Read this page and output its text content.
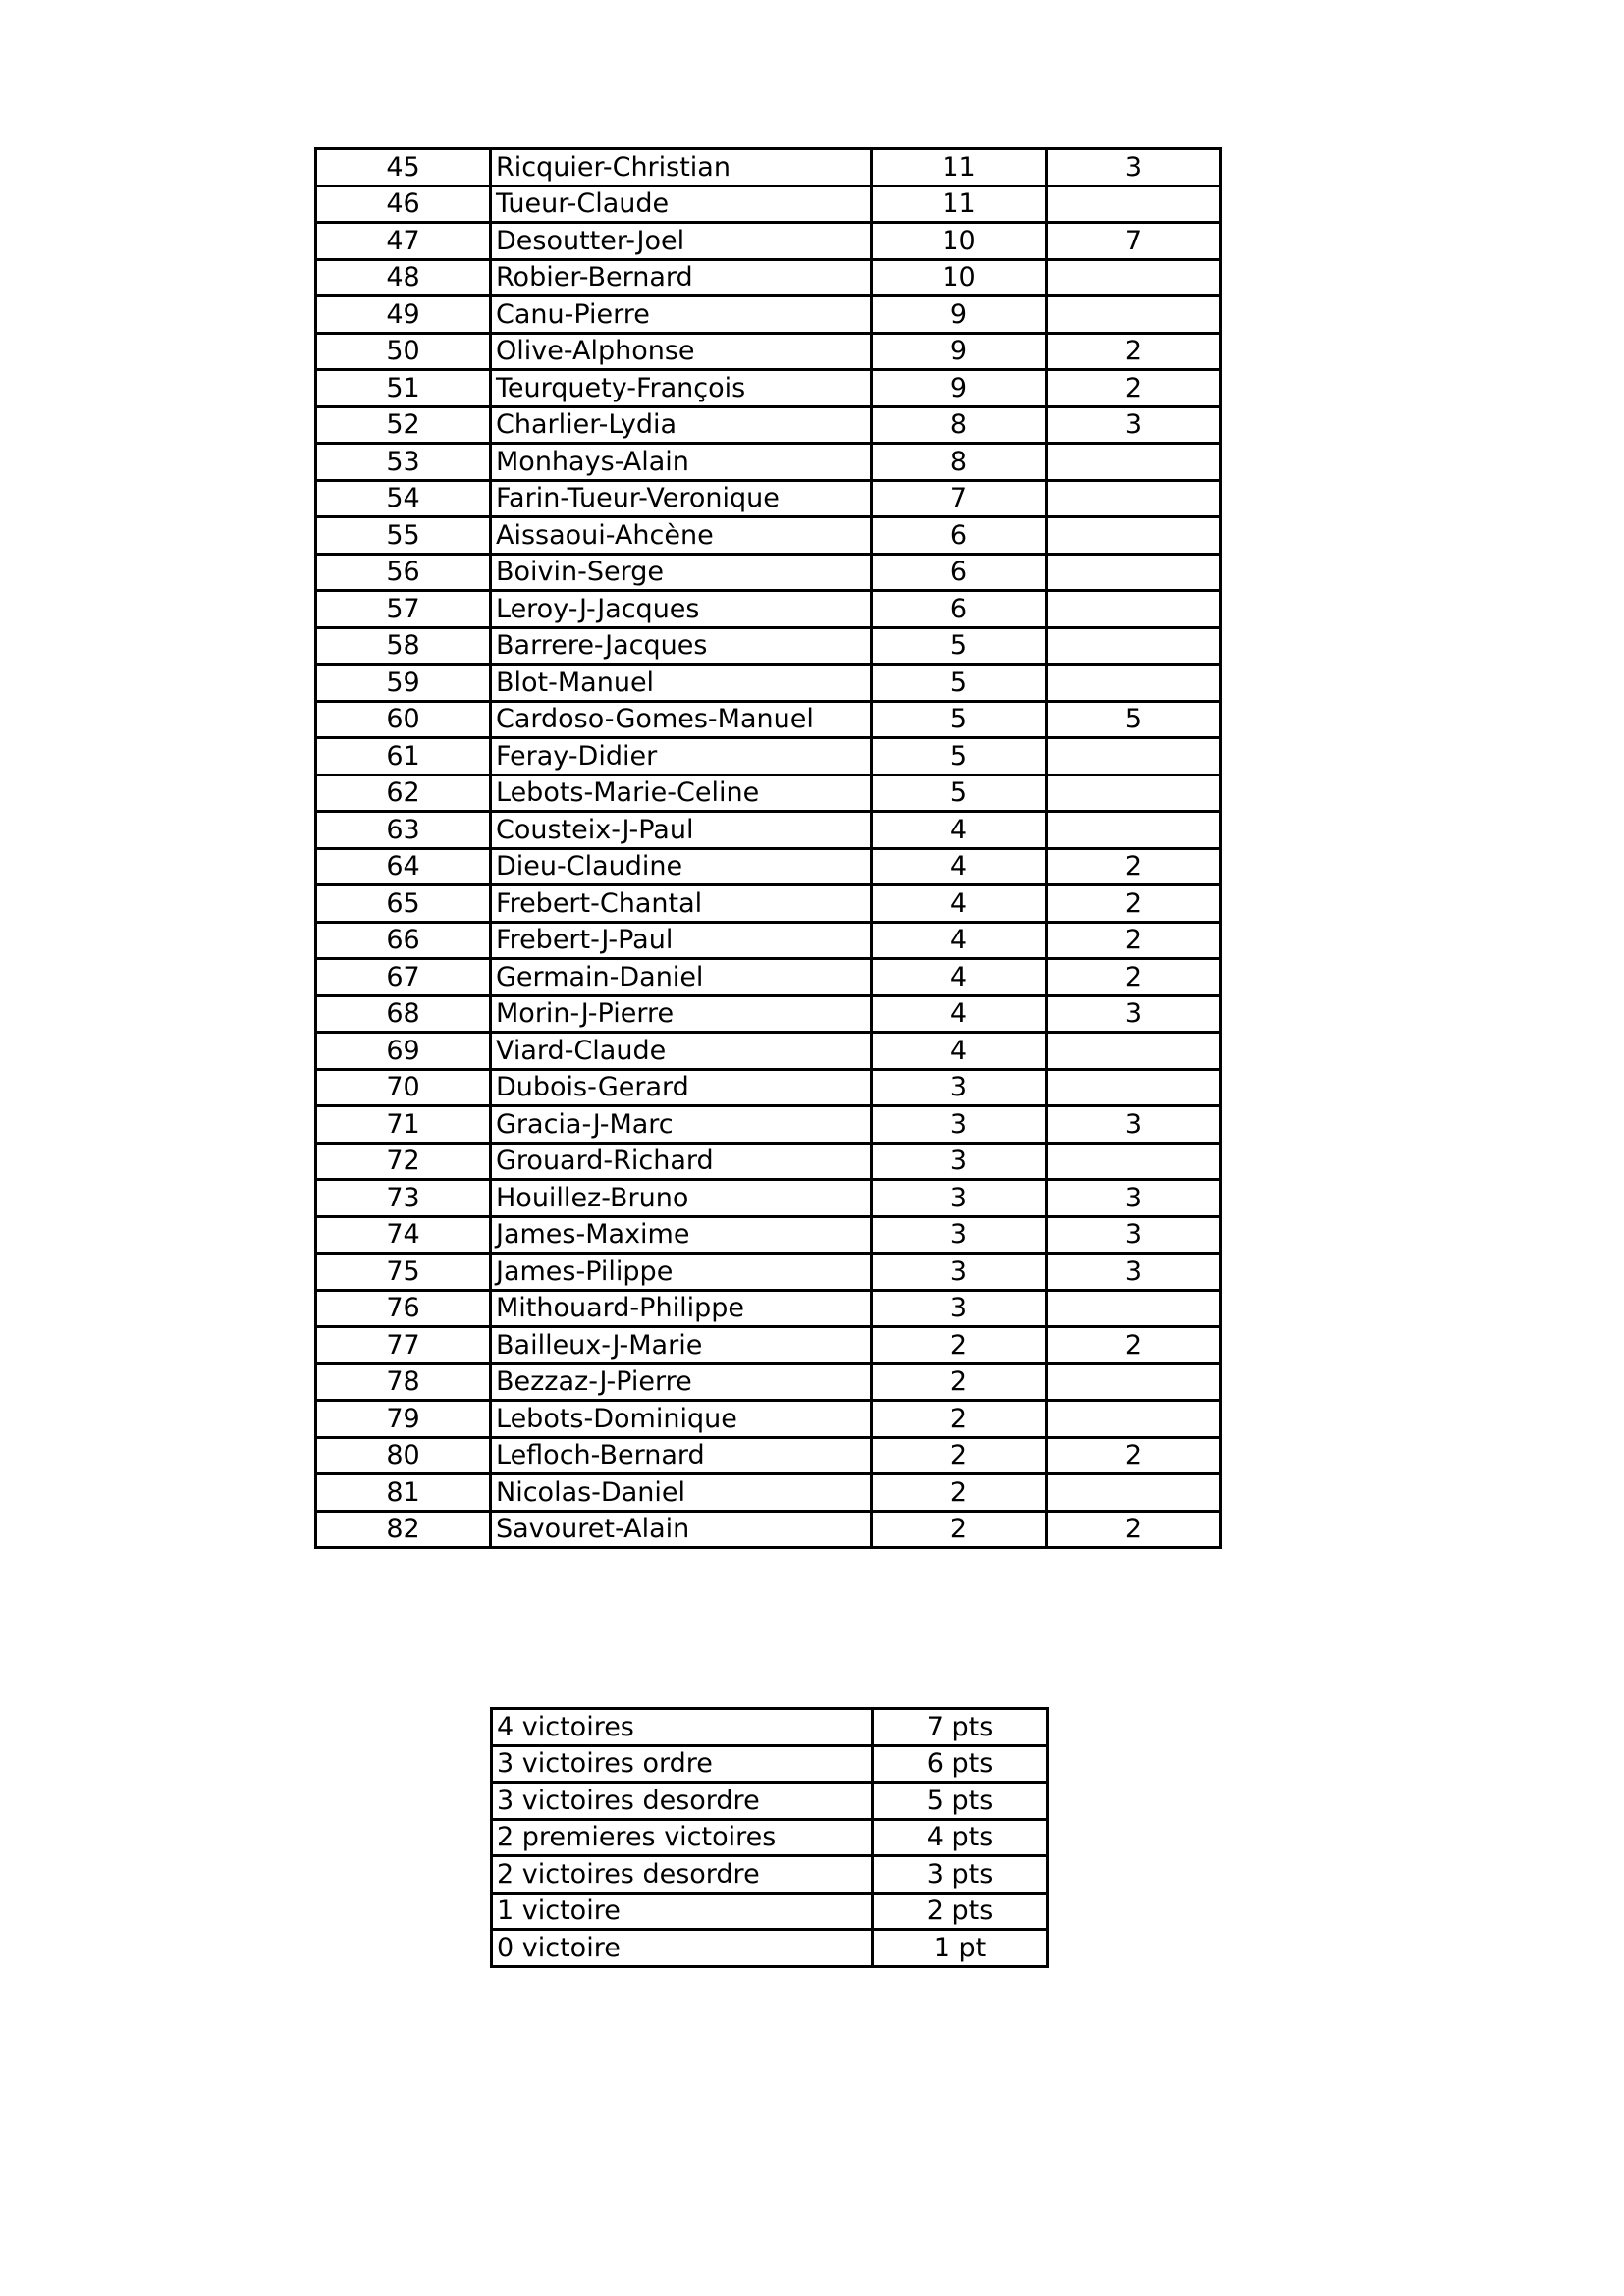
45	Ricquier-Christian	11	3
46	Tueur-Claude	11	
47	Desoutter-Joel	10	7
48	Robier-Bernard	10	
49	Canu-Pierre	9	
50	Olive-Alphonse	9	2
51	Teurquety-François	9	2
52	Charlier-Lydia	8	3
53	Monhays-Alain	8	
54	Farin-Tueur-Veronique	7	
55	Aissaoui-Ahcène	6	
56	Boivin-Serge	6	
57	Leroy-J-Jacques	6	
58	Barrere-Jacques	5	
59	Blot-Manuel	5	
60	Cardoso-Gomes-Manuel	5	5
61	Feray-Didier	5	
62	Lebots-Marie-Celine	5	
63	Cousteix-J-Paul	4	
64	Dieu-Claudine	4	2
65	Frebert-Chantal	4	2
66	Frebert-J-Paul	4	2
67	Germain-Daniel	4	2
68	Morin-J-Pierre	4	3
69	Viard-Claude	4	
70	Dubois-Gerard	3	
71	Gracia-J-Marc	3	3
72	Grouard-Richard	3	
73	Houillez-Bruno	3	3
74	James-Maxime	3	3
75	James-Pilippe	3	3
76	Mithouard-Philippe	3	
77	Bailleux-J-Marie	2	2
78	Bezzaz-J-Pierre	2	
79	Lebots-Dominique	2	
80	Lefloch-Bernard	2	2
81	Nicolas-Daniel	2	
82	Savouret-Alain	2	2
4 victoires	7 pts
3 victoires ordre	6 pts
3 victoires desordre	5 pts
2 premieres victoires	4 pts
2 victoires desordre	3 pts
1 victoire	2 pts
0 victoire	1 pt
